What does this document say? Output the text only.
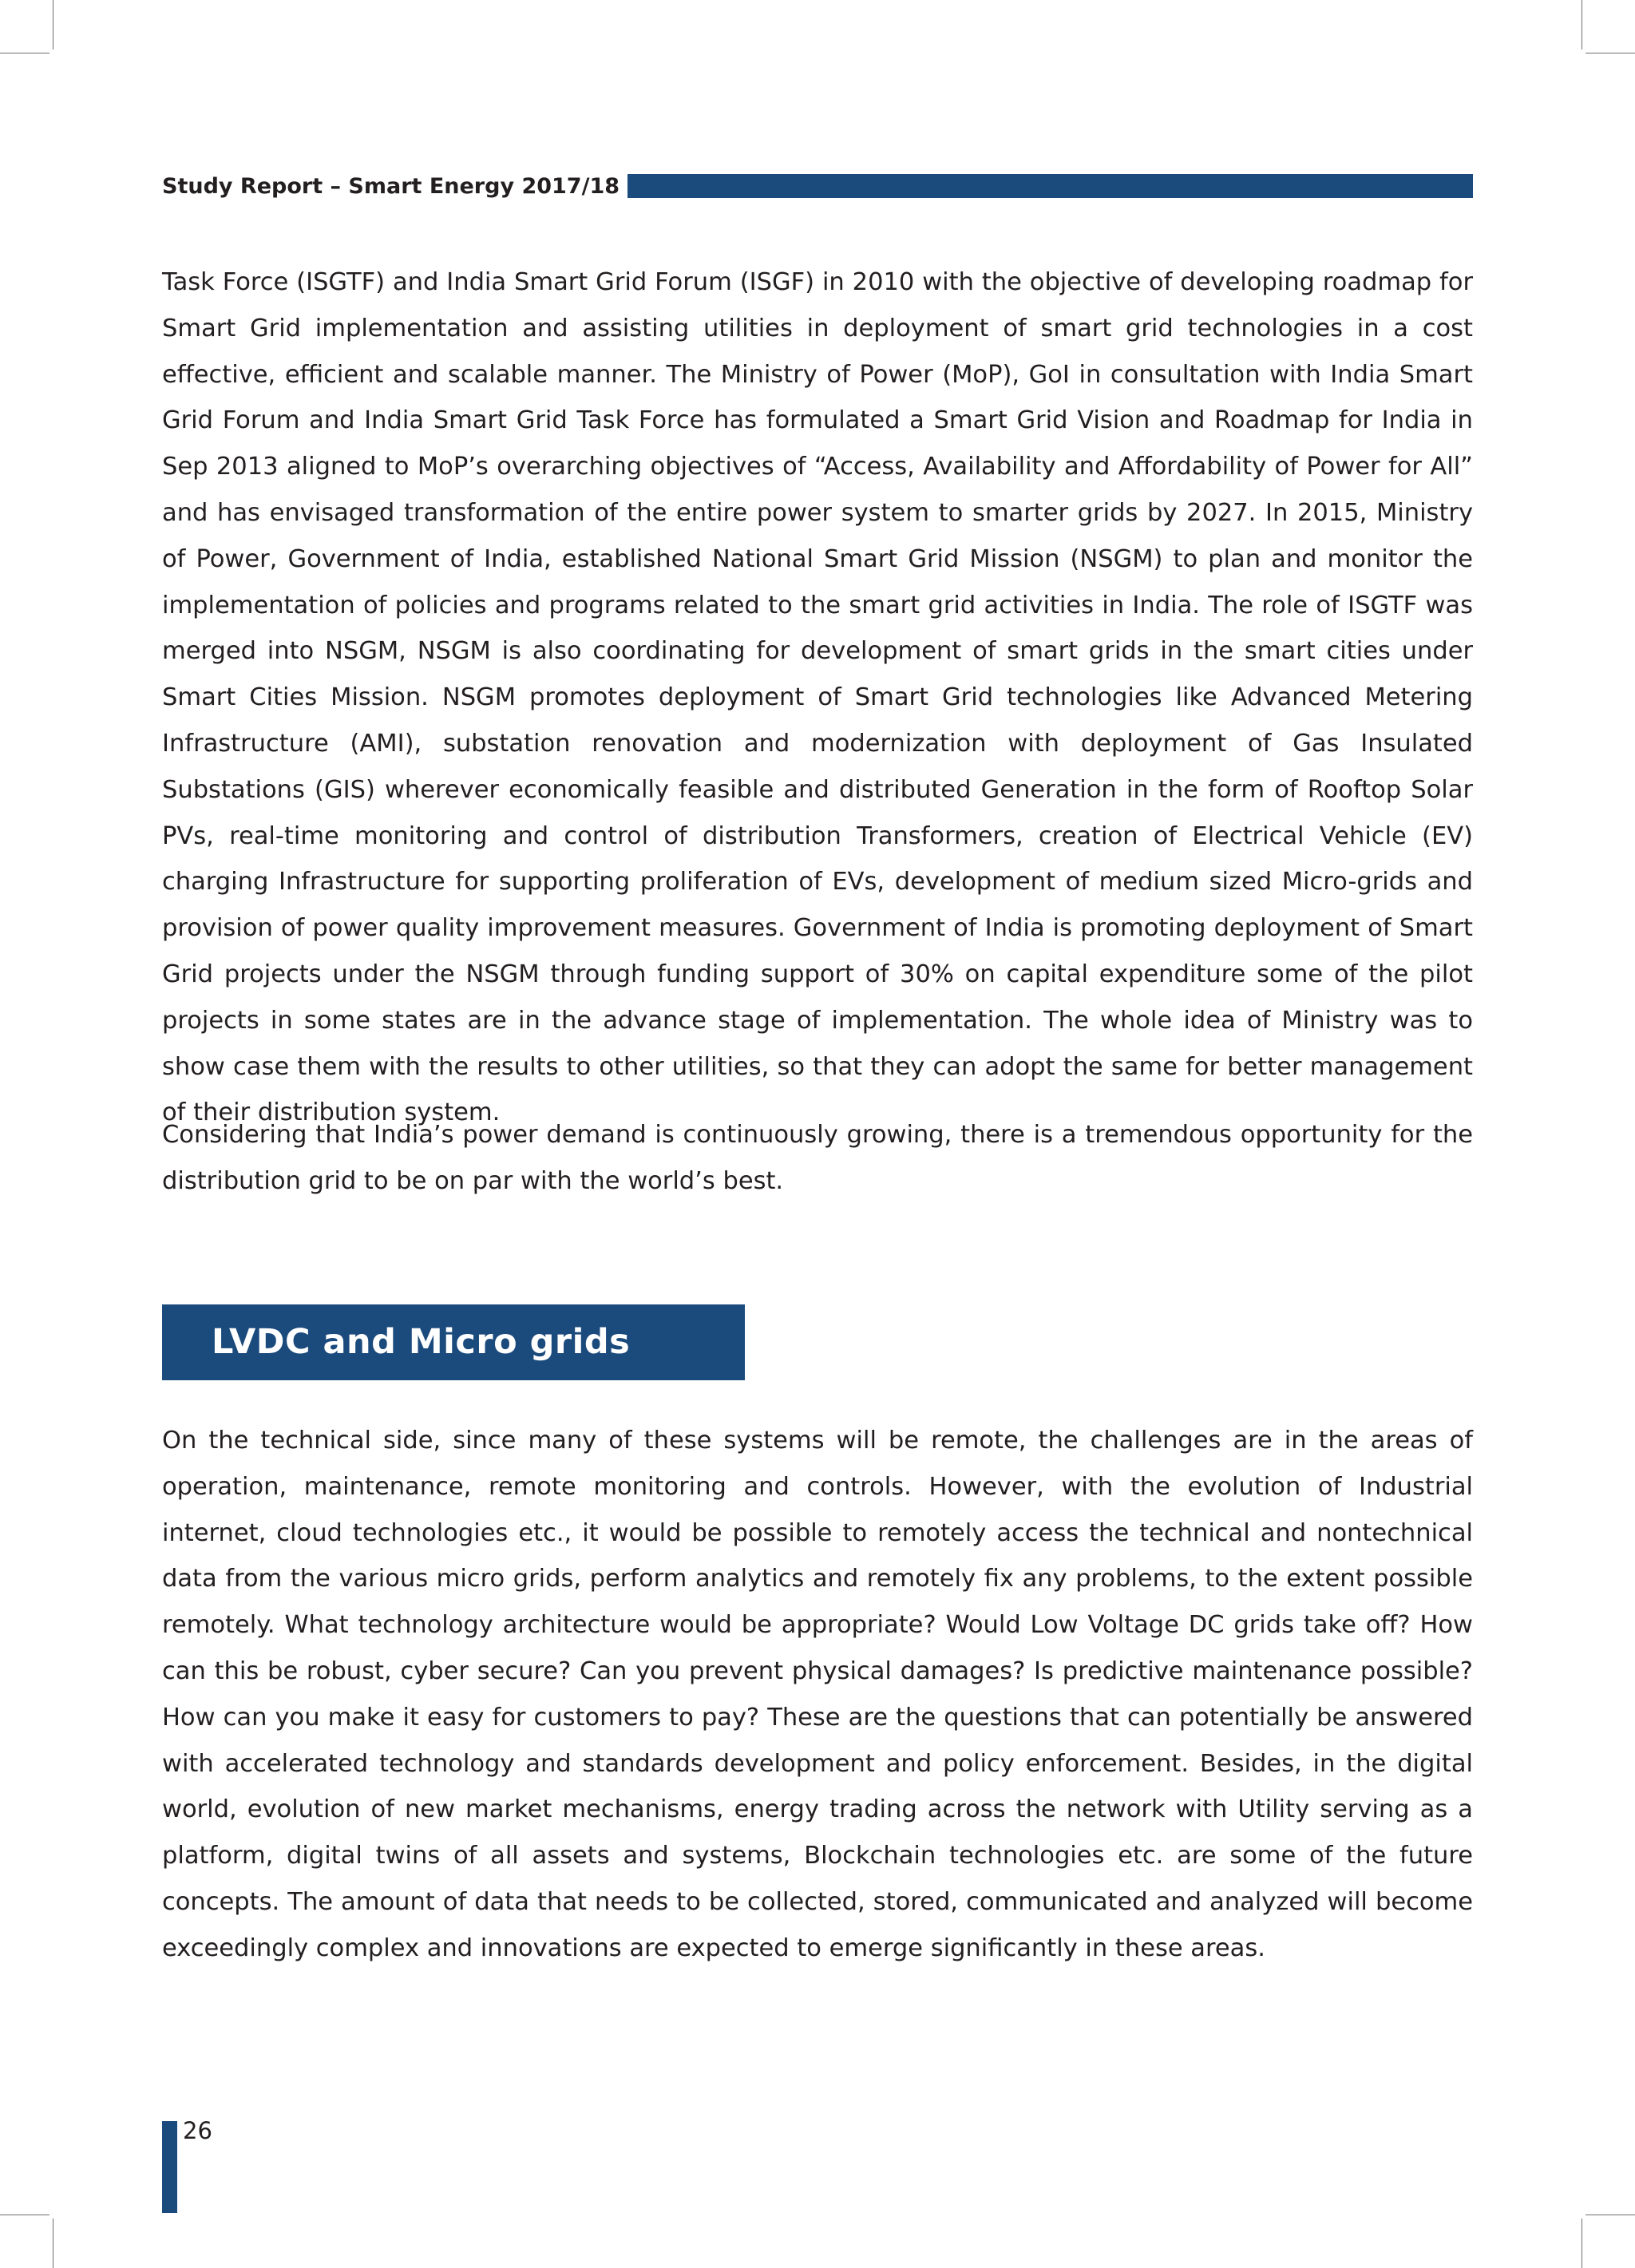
Study Report – Smart Energy 2017/18

Task Force (ISGTF) and India Smart Grid Forum (ISGF) in 2010 with the objective of developing roadmap for Smart Grid implementation and assisting utilities in deployment of smart grid technologies in a cost effective, efficient and scalable manner. The Ministry of Power (MoP), GoI in consultation with India Smart Grid Forum and India Smart Grid Task Force has formulated a Smart Grid Vision and Roadmap for India in Sep 2013 aligned to MoP’s overarching objectives of “Access, Availability and Affordability of Power for All” and has envisaged transformation of the entire power system to smarter grids by 2027. In 2015, Ministry of Power, Government of India, established National Smart Grid Mission (NSGM) to plan and monitor the implementation of policies and programs related to the smart grid activities in India. The role of ISGTF was merged into NSGM, NSGM is also coordinating for development of smart grids in the smart cities under Smart Cities Mission. NSGM promotes deployment of Smart Grid technologies like Advanced Metering Infrastructure (AMI), substation renovation and modernization with deployment of Gas Insulated Substations (GIS) wherever economically feasible and distributed Generation in the form of Rooftop Solar PVs, real-time monitoring and control of distribution Transformers, creation of Electrical Vehicle (EV) charging Infrastructure for supporting proliferation of EVs, development of medium sized Micro-grids and provision of power quality improvement measures. Government of India is promoting deployment of Smart Grid projects under the NSGM through funding support of 30% on capital expenditure some of the pilot projects in some states are in the advance stage of implementation. The whole idea of Ministry was to show case them with the results to other utilities, so that they can adopt the same for better management of their distribution system.

Considering that India’s power demand is continuously growing, there is a tremendous opportunity for the distribution grid to be on par with the world’s best.

LVDC and Micro grids

On the technical side, since many of these systems will be remote, the challenges are in the areas of operation, maintenance, remote monitoring and controls. However, with the evolution of Industrial internet, cloud technologies etc., it would be possible to remotely access the technical and nontechnical data from the various micro grids, perform analytics and remotely fix any problems, to the extent possible remotely. What technology architecture would be appropriate? Would Low Voltage DC grids take off? How can this be robust, cyber secure? Can you prevent physical damages? Is predictive maintenance possible? How can you make it easy for customers to pay? These are the questions that can potentially be answered with accelerated technology and standards development and policy enforcement. Besides, in the digital world, evolution of new market mechanisms, energy trading across the network with Utility serving as a platform, digital twins of all assets and systems, Blockchain technologies etc. are some of the future concepts. The amount of data that needs to be collected, stored, communicated and analyzed will become exceedingly complex and innovations are expected to emerge significantly in these areas.

26
